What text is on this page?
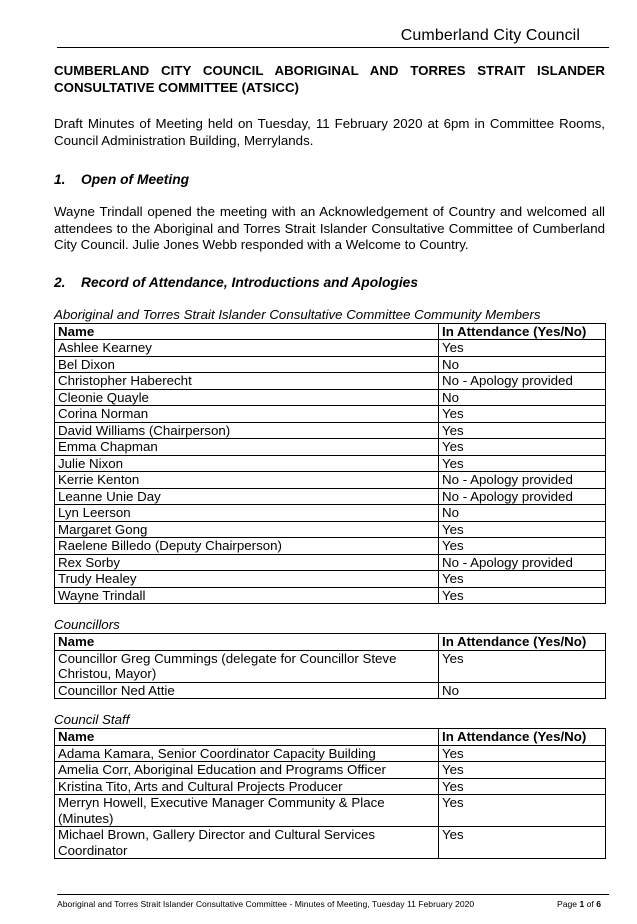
Cumberland City Council
CUMBERLAND CITY COUNCIL ABORIGINAL AND TORRES STRAIT ISLANDER CONSULTATIVE COMMITTEE (ATSICC)

Draft Minutes of Meeting held on Tuesday, 11 February 2020 at 6pm in Committee Rooms, Council Administration Building, Merrylands.

1. Open of Meeting

Wayne Trindall opened the meeting with an Acknowledgement of Country and welcomed all attendees to the Aboriginal and Torres Strait Islander Consultative Committee of Cumberland City Council. Julie Jones Webb responded with a Welcome to Country.

2. Record of Attendance, Introductions and Apologies
Aboriginal and Torres Strait Islander Consultative Committee Community Members
Name	In Attendance (Yes/No)
Ashlee Kearney	Yes
Bel Dixon	No
Christopher Haberecht	No - Apology provided
Cleonie Quayle	No
Corina Norman	Yes
David Williams (Chairperson)	Yes
Emma Chapman	Yes
Julie Nixon	Yes
Kerrie Kenton	No - Apology provided
Leanne Unie Day	No - Apology provided
Lyn Leerson	No
Margaret Gong	Yes
Raelene Billedo (Deputy Chairperson)	Yes
Rex Sorby	No - Apology provided
Trudy Healey	Yes
Wayne Trindall	Yes
Councillors
Name	In Attendance (Yes/No)
Councillor Greg Cummings (delegate for Councillor Steve Christou, Mayor)	Yes
Councillor Ned Attie	No
Council Staff
Name	In Attendance (Yes/No)
Adama Kamara, Senior Coordinator Capacity Building	Yes
Amelia Corr, Aboriginal Education and Programs Officer	Yes
Kristina Tito, Arts and Cultural Projects Producer	Yes
Merryn Howell, Executive Manager Community & Place (Minutes)	Yes
Michael Brown, Gallery Director and Cultural Services Coordinator	Yes
Aboriginal and Torres Strait Islander Consultative Committee - Minutes of Meeting, Tuesday 11 February 2020	Page 1 of 6
